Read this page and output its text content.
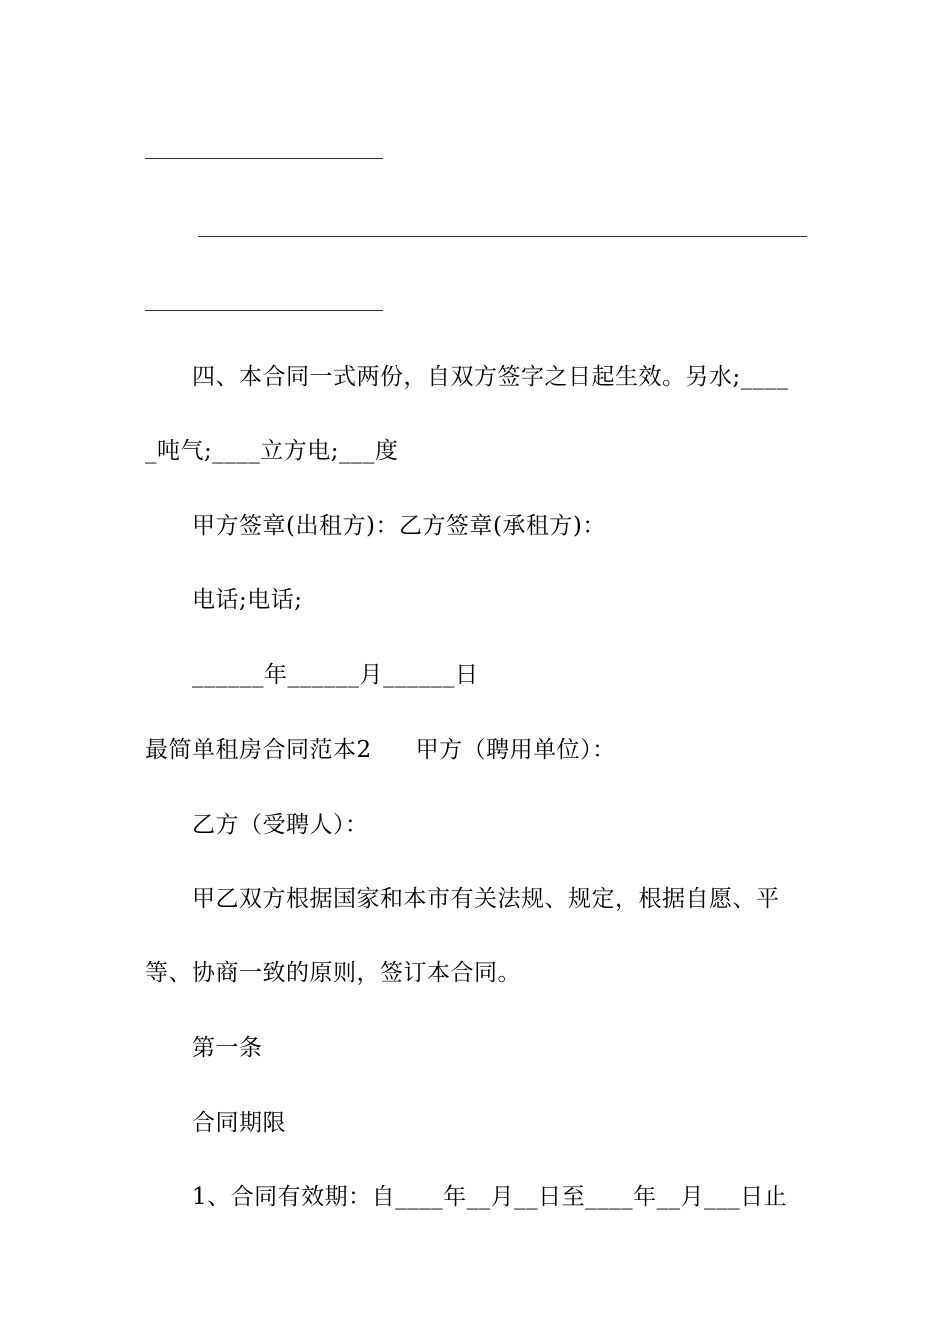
四、本合同一式两份，自双方签字之日起生效。另水;____
_吨气;____立方电;___度
甲方签章(出租方)：乙方签章(承租方)：
电话;电话;
______年______月______日
最简单租房合同范本2 甲方（聘用单位）：
乙方（受聘人）：
甲乙双方根据国家和本市有关法规、规定，根据自愿、平
等、协商一致的原则，签订本合同。
第一条
合同期限
1、合同有效期：自____年__月__日至____年__月___日止
